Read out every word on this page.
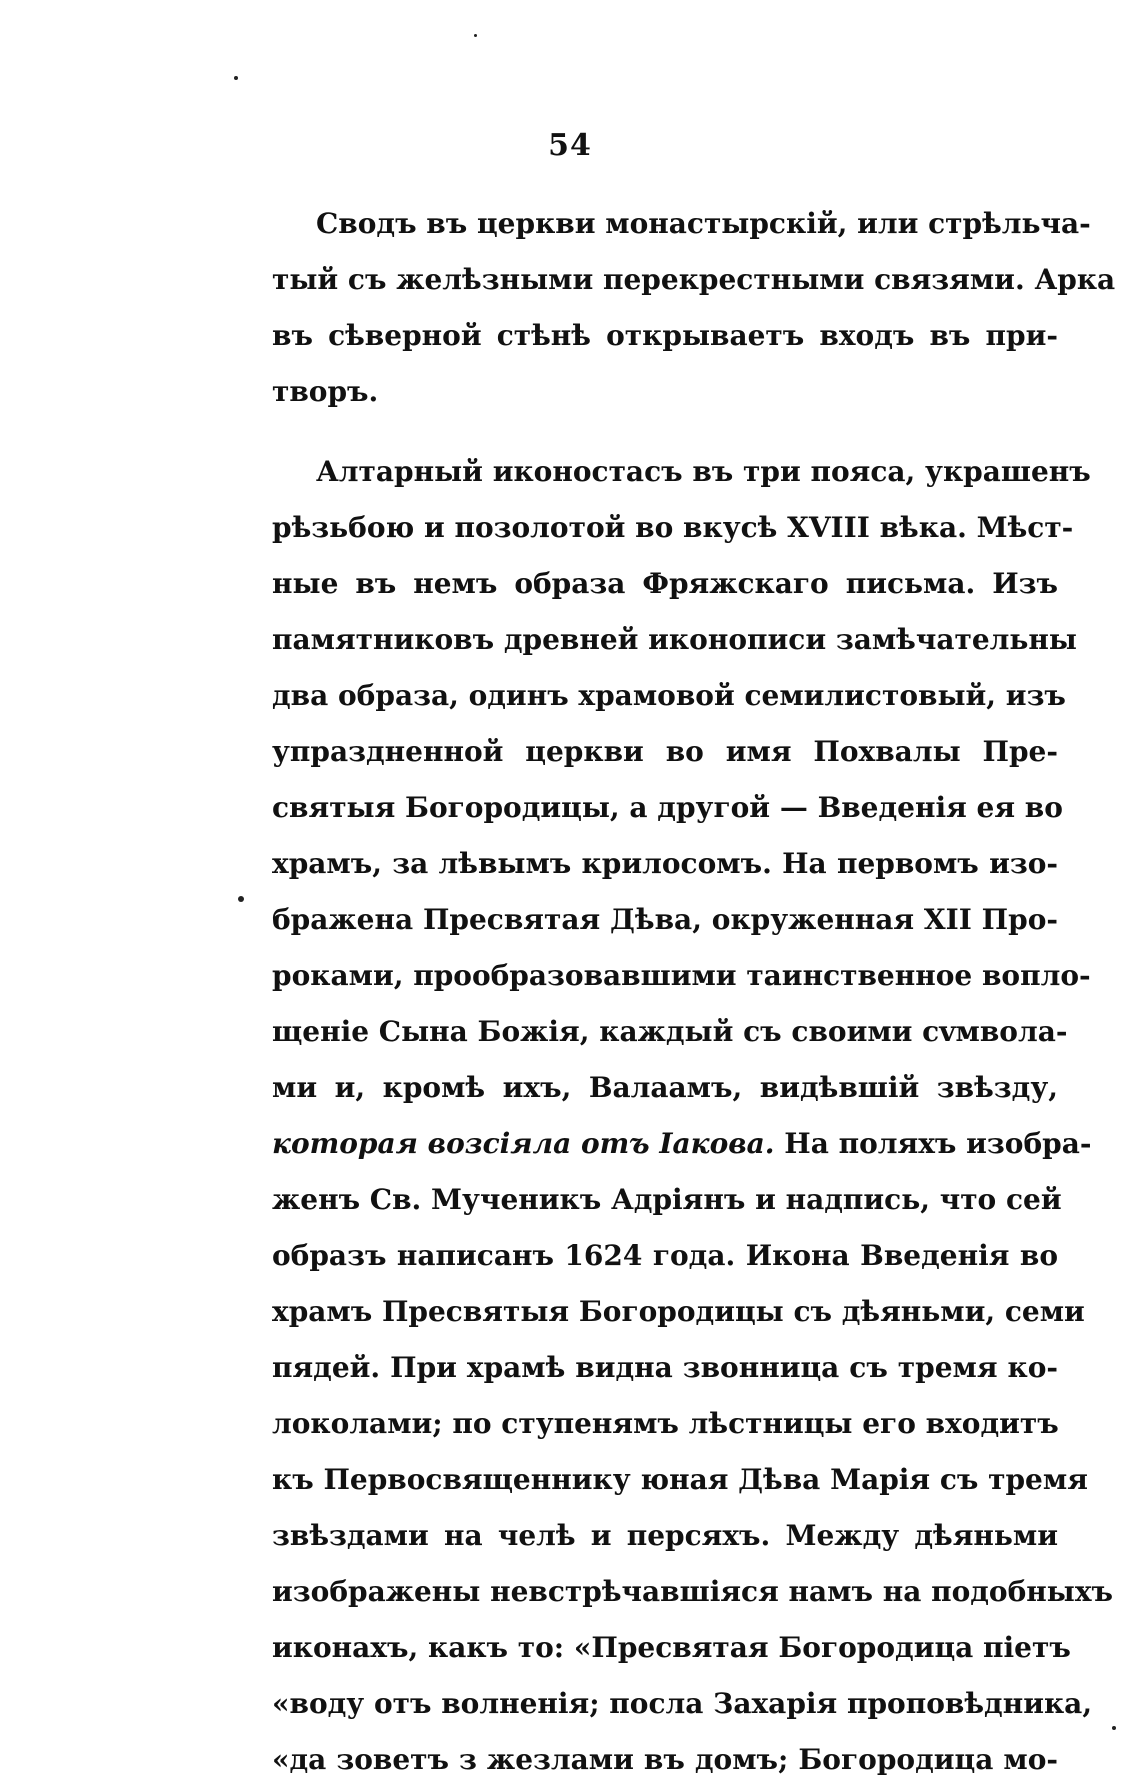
54
Сводъ въ церкви монастырскій, или стрѣльча-
тый съ желѣзными перекрестными связями. Арка
въ сѣверной стѣнѣ открываетъ входъ въ при-
творъ.
Алтарный иконостасъ въ три пояса, украшенъ
рѣзьбою и позолотой во вкусѣ XVIII вѣка. Мѣст-
ные въ немъ образа Фряжскаго письма. Изъ
памятниковъ древней иконописи замѣчательны
два образа, одинъ храмовой семилистовый, изъ
упраздненной церкви во имя Похвалы Пре-
святыя Богородицы, а другой — Введенія ея во
храмъ, за лѣвымъ крилосомъ. На первомъ изо-
бражена Пресвятая Дѣва, окруженная XII Про-
роками, прообразовавшими таинственное вопло-
щеніе Сына Божія, каждый съ своими сvмвола-
ми и, кромѣ ихъ, Валаамъ, видѣвшій звѣзду,
которая возсіяла отъ Іакова. На поляхъ изобра-
женъ Св. Мученикъ Адріянъ и надпись, что сей
образъ написанъ 1624 года. Икона Введенія во
храмъ Пресвятыя Богородицы съ дѣяньми, семи
пядей. При храмѣ видна звонница съ тремя ко-
локолами; по ступенямъ лѣстницы его входитъ
къ Первосвященнику юная Дѣва Марія съ тремя
звѣздами на челѣ и персяхъ. Между дѣяньми
изображены невстрѣчавшіяся намъ на подобныхъ
иконахъ, какъ то: «Пресвятая Богородица піетъ
«воду отъ волненія; посла Захарія проповѣдника,
«да зоветъ з жезлами въ домъ; Богородица мо-
